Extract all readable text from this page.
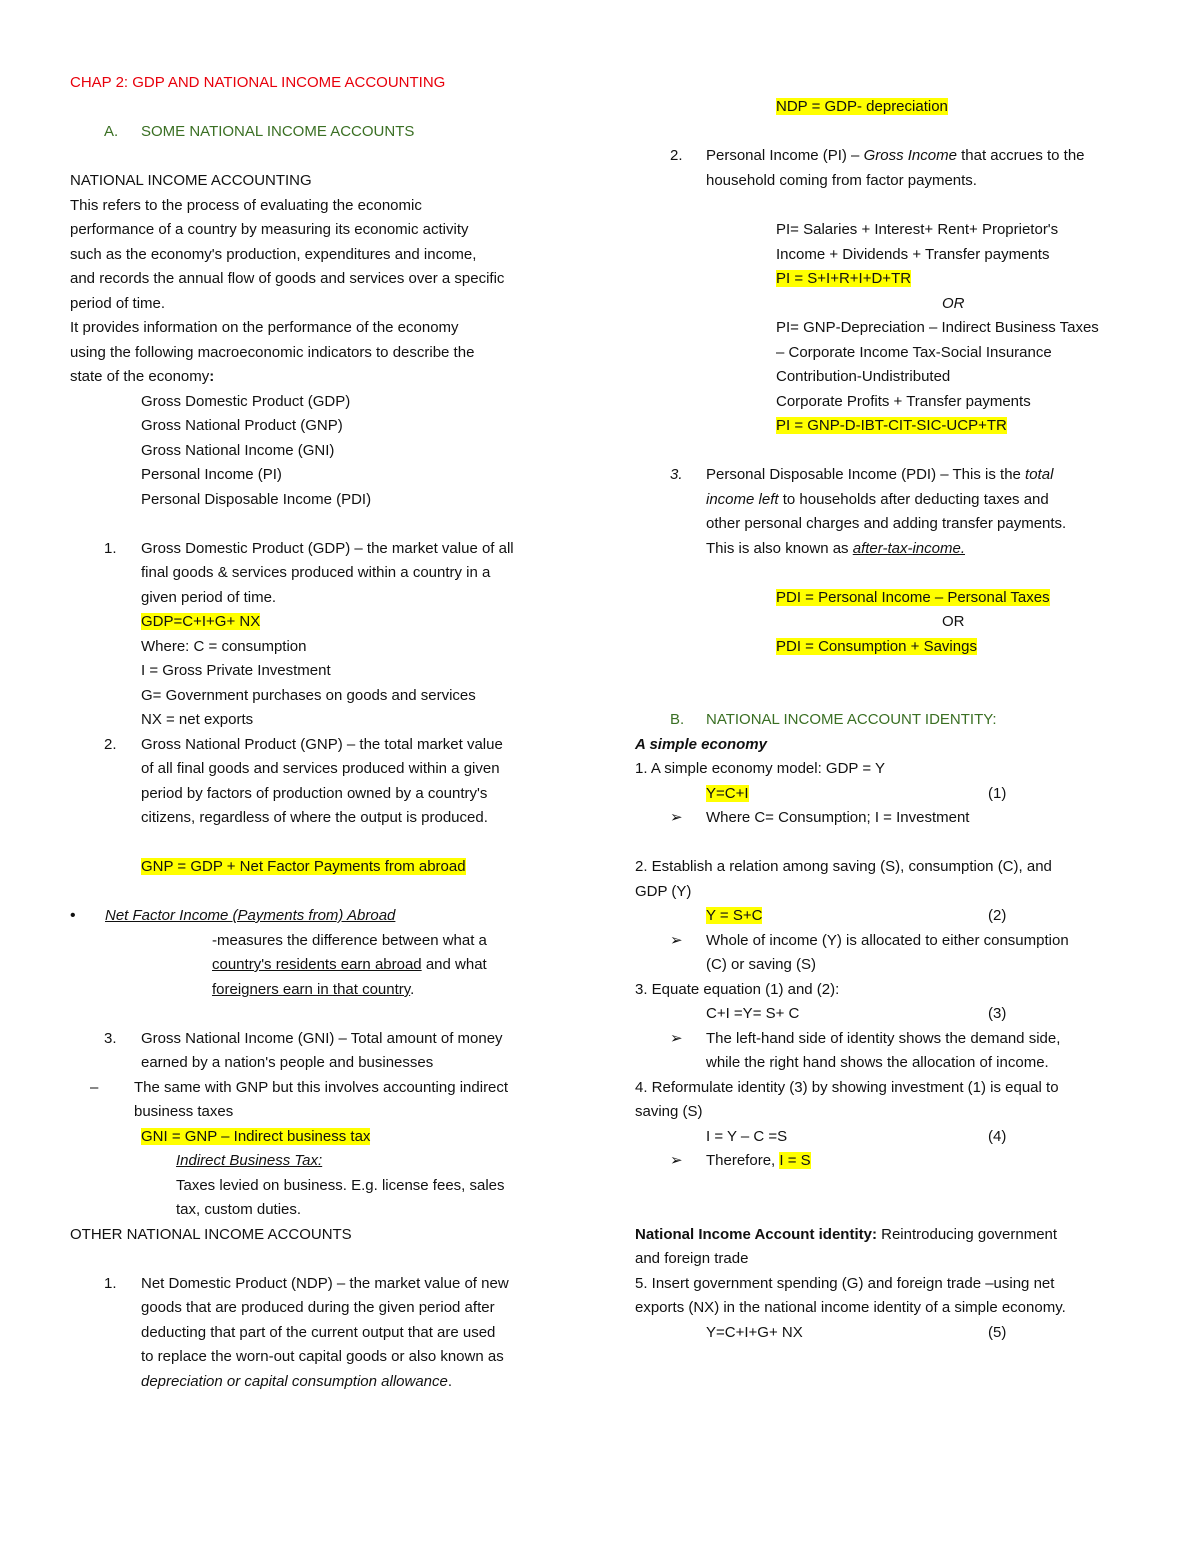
CHAP 2: GDP AND NATIONAL INCOME ACCOUNTING
A. SOME NATIONAL INCOME ACCOUNTS
NATIONAL INCOME ACCOUNTING
This refers to the process of evaluating the economic
performance of a country by measuring its economic activity
such as the economy's production, expenditures and income,
and records the annual flow of goods and services over a specific
period of time.
It provides information on the performance of the economy
using the following macroeconomic indicators to describe the
state of the economy:
Gross Domestic Product (GDP)
Gross National Product (GNP)
Gross National Income (GNI)
Personal Income (PI)
Personal Disposable Income (PDI)
1. Gross Domestic Product (GDP) – the market value of all
final goods & services produced within a country in a
given period of time.
GDP=C+I+G+ NX
Where: C = consumption
I = Gross Private Investment
G= Government purchases on goods and services
NX = net exports
2. Gross National Product (GNP) – the total market value
of all final goods and services produced within a given
period by factors of production owned by a country's
citizens, regardless of where the output is produced.
GNP = GDP + Net Factor Payments from abroad
• Net Factor Income (Payments from) Abroad
-measures the difference between what a
country's residents earn abroad and what
foreigners earn in that country.
3. Gross National Income (GNI) – Total amount of money
earned by a nation's people and businesses
– The same with GNP but this involves accounting indirect
business taxes
GNI = GNP – Indirect business tax
Indirect Business Tax:
Taxes levied on business. E.g. license fees, sales
tax, custom duties.
OTHER NATIONAL INCOME ACCOUNTS
1. Net Domestic Product (NDP) – the market value of new
goods that are produced during the given period after
deducting that part of the current output that are used
to replace the worn-out capital goods or also known as
depreciation or capital consumption allowance.
NDP = GDP- depreciation
2. Personal Income (PI) – Gross Income that accrues to the
household coming from factor payments.
PI= Salaries + Interest+ Rent+ Proprietor's
Income + Dividends + Transfer payments
PI = S+I+R+I+D+TR
OR
PI= GNP-Depreciation – Indirect Business Taxes
– Corporate Income Tax-Social Insurance
Contribution-Undistributed
Corporate Profits + Transfer payments
PI = GNP-D-IBT-CIT-SIC-UCP+TR
3. Personal Disposable Income (PDI) – This is the total
income left to households after deducting taxes and
other personal charges and adding transfer payments.
This is also known as after-tax-income.
PDI = Personal Income – Personal Taxes
OR
PDI = Consumption + Savings
B. NATIONAL INCOME ACCOUNT IDENTITY:
A simple economy
1. A simple economy model: GDP = Y
Y=C+I	(1)
➢ Where C= Consumption; I = Investment
2. Establish a relation among saving (S), consumption (C), and
GDP (Y)
Y = S+C	(2)
➢ Whole of income (Y) is allocated to either consumption
(C) or saving (S)
3. Equate equation (1) and (2):
C+I =Y= S+ C	(3)
➢ The left-hand side of identity shows the demand side,
while the right hand shows the allocation of income.
4. Reformulate identity (3) by showing investment (1) is equal to
saving (S)
I = Y – C =S	(4)
➢ Therefore, I = S
National Income Account identity: Reintroducing government
and foreign trade
5. Insert government spending (G) and foreign trade –using net
exports (NX) in the national income identity of a simple economy.
Y=C+I+G+ NX	(5)
